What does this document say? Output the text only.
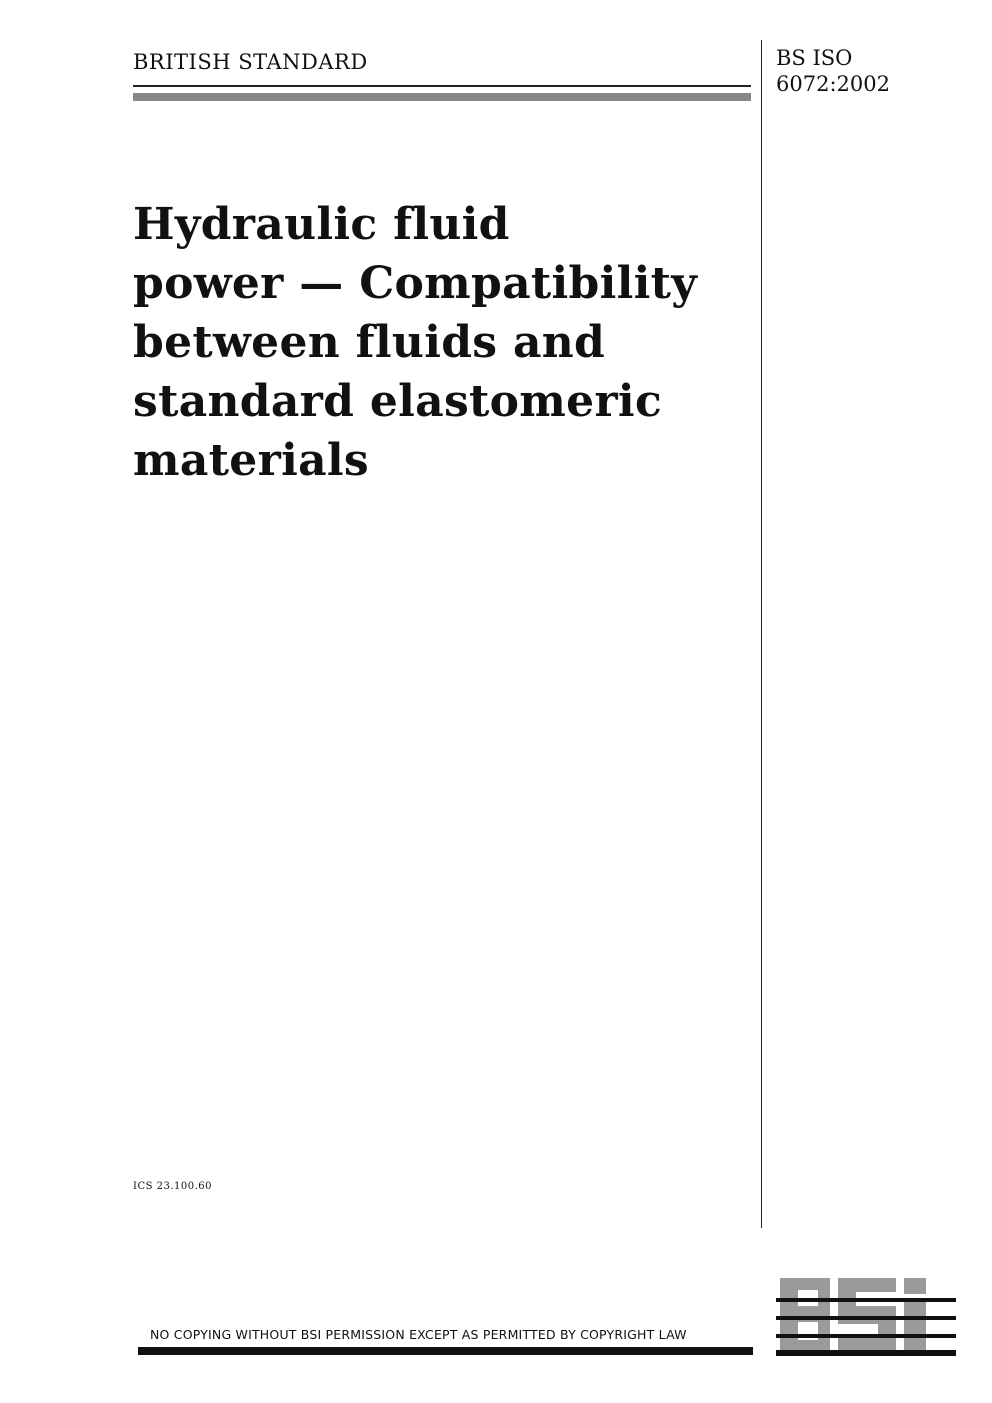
BRITISH STANDARD	BS ISO
6072:2002
Hydraulic fluid
power — Compatibility
between fluids and
standard elastomeric
materials
ICS 23.100.60
NO COPYING WITHOUT BSI PERMISSION EXCEPT AS PERMITTED BY COPYRIGHT LAW
